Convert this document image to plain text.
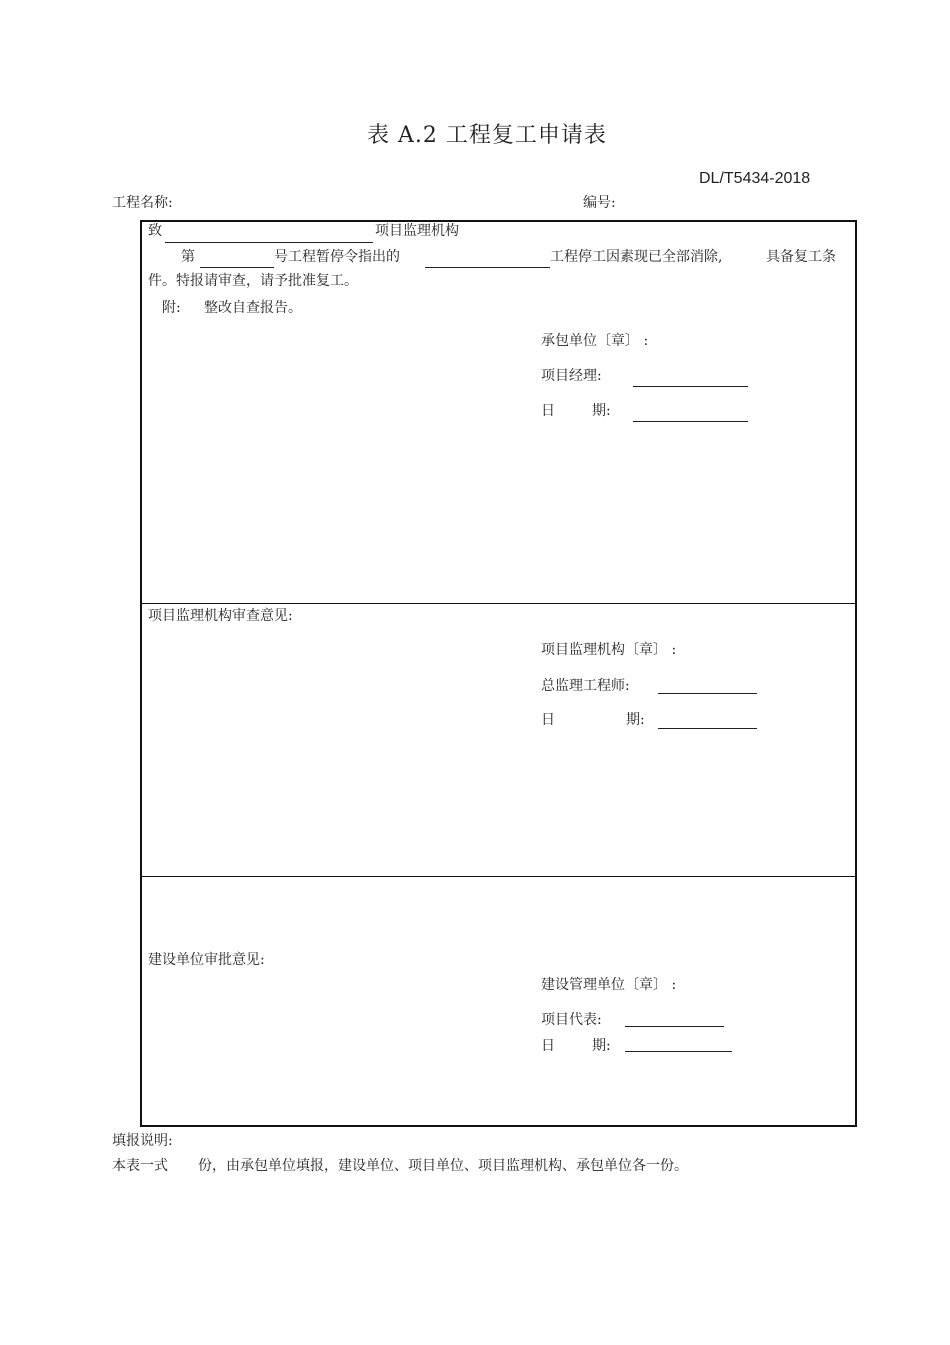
表 A.2 工程复工申请表
DL/T5434-2018
工程名称:	编号:
致	项目监理机构
第	号工程暂停令指出的	工程停工因素现已全部消除,	具备复工条
件。特报请审查，请予批准复工。
附: 整改自查报告。
承包单位〔章〕 :
项目经理:
日	期:
项目监理机构审查意见:
项目监理机构〔章〕 :
总监理工程师:
日	期:
建设单位审批意见:
建设管理单位〔章〕 :
项目代表:
日	期:
填报说明:
本表一式 份，由承包单位填报，建设单位、项目单位、项目监理机构、承包单位各一份。
